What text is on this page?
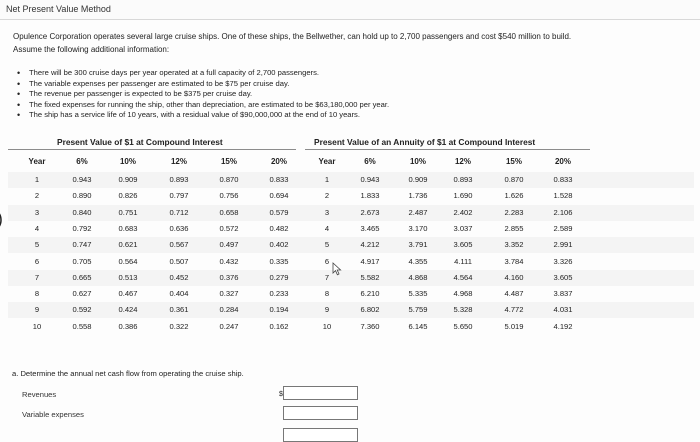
Net Present Value Method
Opulence Corporation operates several large cruise ships. One of these ships, the Bellwether, can hold up to 2,700 passengers and cost $540 million to build.
Assume the following additional information:
• There will be 300 cruise days per year operated at a full capacity of 2,700 passengers.
• The variable expenses per passenger are estimated to be $75 per cruise day.
• The revenue per passenger is expected to be $375 per cruise day.
• The fixed expenses for running the ship, other than depreciation, are estimated to be $63,180,000 per year.
• The ship has a service life of 10 years, with a residual value of $90,000,000 at the end of 10 years.
Present Value of $1 at Compound Interest
Year	6%	10%	12%	15%	20%
1	0.943	0.909	0.893	0.870	0.833
2	0.890	0.826	0.797	0.756	0.694
3	0.840	0.751	0.712	0.658	0.579
4	0.792	0.683	0.636	0.572	0.482
5	0.747	0.621	0.567	0.497	0.402
6	0.705	0.564	0.507	0.432	0.335
7	0.665	0.513	0.452	0.376	0.279
8	0.627	0.467	0.404	0.327	0.233
9	0.592	0.424	0.361	0.284	0.194
10	0.558	0.386	0.322	0.247	0.162
Present Value of an Annuity of $1 at Compound Interest
Year	6%	10%	12%	15%	20%
1	0.943	0.909	0.893	0.870	0.833
2	1.833	1.736	1.690	1.626	1.528
3	2.673	2.487	2.402	2.283	2.106
4	3.465	3.170	3.037	2.855	2.589
5	4.212	3.791	3.605	3.352	2.991
6	4.917	4.355	4.111	3.784	3.326
7	5.582	4.868	4.564	4.160	3.605
8	6.210	5.335	4.968	4.487	3.837
9	6.802	5.759	5.328	4.772	4.031
10	7.360	6.145	5.650	5.019	4.192
a. Determine the annual net cash flow from operating the cruise ship.
Revenues	$
Variable expenses
